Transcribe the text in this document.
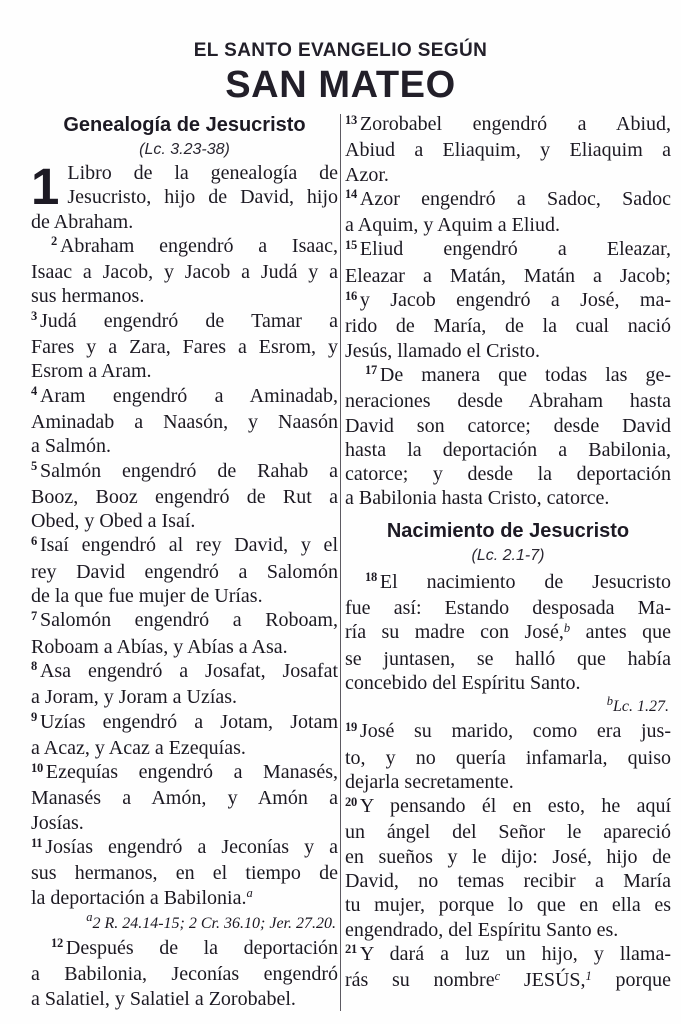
EL SANTO EVANGELIO SEGÚN
SAN MATEO
Genealogía de Jesucristo
(Lc. 3.23-38)
1 Libro de la genealogía de
Jesucristo, hijo de David, hijo
de Abraham.
$^2$ Abraham engendró a Isaac,
Isaac a Jacob, y Jacob a Judá y a
sus hermanos.
$^3$ Judá engendró de Tamar a
Fares y a Zara, Fares a Esrom, y
Esrom a Aram.
$^4$ Aram engendró a Aminadab,
Aminadab a Naasón, y Naasón
a Salmón.
$^5$ Salmón engendró de Rahab a
Booz, Booz engendró de Rut a
Obed, y Obed a Isaí.
$^6$ Isaí engendró al rey David, y el
rey David engendró a Salomón
de la que fue mujer de Urías.
$^7$ Salomón engendró a Roboam,
Roboam a Abías, y Abías a Asa.
$^8$ Asa engendró a Josafat, Josafat
a Joram, y Joram a Uzías.
$^9$ Uzías engendró a Jotam, Jotam
a Acaz, y Acaz a Ezequías.
$^{10}$ Ezequías engendró a Manasés,
Manasés a Amón, y Amón a
Josías.
$^{11}$ Josías engendró a Jeconías y a
sus hermanos, en el tiempo de
la deportación a Babilonia.$^a$
$^a$2 R. 24.14-15; 2 Cr. 36.10; Jer. 27.20.
$^{12}$ Después de la deportación
a Babilonia, Jeconías engendró
a Salatiel, y Salatiel a Zorobabel.
$^{13}$ Zorobabel engendró a Abiud,
Abiud a Eliaquim, y Eliaquim a
Azor.
$^{14}$ Azor engendró a Sadoc, Sadoc
a Aquim, y Aquim a Eliud.
$^{15}$ Eliud engendró a Eleazar,
Eleazar a Matán, Matán a Jacob;
$^{16}$ y Jacob engendró a José, ma-
rido de María, de la cual nació
Jesús, llamado el Cristo.
$^{17}$ De manera que todas las ge-
neraciones desde Abraham hasta
David son catorce; desde David
hasta la deportación a Babilonia,
catorce; y desde la deportación
a Babilonia hasta Cristo, catorce.
Nacimiento de Jesucristo
(Lc. 2.1-7)
$^{18}$ El nacimiento de Jesucristo
fue así: Estando desposada Ma-
ría su madre con José,$^b$ antes que
se juntasen, se halló que había
concebido del Espíritu Santo.
$^b$Lc. 1.27.
$^{19}$ José su marido, como era jus-
to, y no quería infamarla, quiso
dejarla secretamente.
$^{20}$ Y pensando él en esto, he aquí
un ángel del Señor le apareció
en sueños y le dijo: José, hijo de
David, no temas recibir a María
tu mujer, porque lo que en ella es
engendrado, del Espíritu Santo es.
$^{21}$ Y dará a luz un hijo, y llama-
rás su nombre$^c$ JESÚS,$^1$ porque
